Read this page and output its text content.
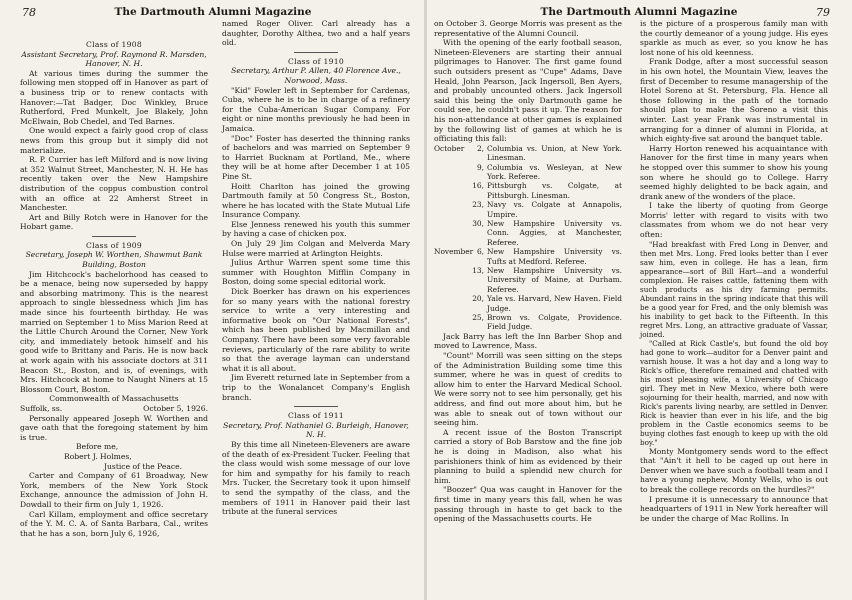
78	The Dartmouth Alumni Magazine

Class of 1908

Assistant Secretary, Prof. Raymond R. Marsden, Hanover, N. H.

At various times during the summer the following men stopped off in Hanover as part of a business trip or to renew contacts with Hanover:—Tat Badger, Doc Winkley, Bruce Rutherford, Fred Munkelt, Joe Blakely, John McElwain, Bob Chedel, and Ted Barnes.

One would expect a fairly good crop of class news from this group but it simply did not materialize.

R. P. Currier has left Milford and is now living at 352 Walnut Street, Manchester, N. H. He has recently taken over the New Hampshire distribution of the coppus combustion control with an office at 22 Amherst Street in Manchester.

Art and Billy Rotch were in Hanover for the Hobart game.

Class of 1909

Secretary, Joseph W. Worthen, Shawmut Bank Building, Boston

Jim Hitchcock's bachelorhood has ceased to be a menace, being now superseded by happy and absorbing matrimony. This is the nearest approach to single blessedness which Jim has made since his fourteenth birthday. He was married on September 1 to Miss Marion Reed at the Little Church Around the Corner, New York city, and immediately betook himself and his good wife to Brittany and Paris. He is now back at work again with his associate doctors at 311 Beacon St., Boston, and is, of evenings, with Mrs. Hitchcock at home to Naught Niners at 15 Blossom Court, Boston.

Commonwealth of Massachusetts

Suffolk, ss.	October 5, 1926.

Personally appeared Joseph W. Worthen and gave oath that the foregoing statement by him is true.

Before me,

Robert J. Holmes,

Justice of the Peace.

Carter and Company of 61 Broadway, New York, members of the New York Stock Exchange, announce the admission of John H. Dowdall to their firm on July 1, 1926.

Carl Killam, employment and office secretary of the Y. M. C. A. of Santa Barbara, Cal., writes that he has a son, born July 6, 1926,

named Roger Oliver. Carl already has a daughter, Dorothy Althea, two and a half years old.

Class of 1910

Secretary, Arthur P. Allen, 40 Florence Ave., Norwood, Mass.

"Kid" Fowler left in September for Cardenas, Cuba, where he is to be in charge of a refinery for the Cuba-American Sugar Company. For eight or nine months previously he had been in Jamaica.

"Doc" Foster has deserted the thinning ranks of bachelors and was married on September 9 to Harriet Bucknam at Portland, Me., where they will be at home after December 1 at 105 Pine St.

Hoitt Charlton has joined the growing Dartmouth family at 50 Congress St., Boston, where he has located with the State Mutual Life Insurance Company.

Else Jenness renewed his youth this summer by having a case of chicken pox.

On July 29 Jim Colgan and Melverda Mary Hulse were married at Arlington Heights.

Julius Arthur Warren spent some time this summer with Houghton Mifflin Company in Boston, doing some special editorial work.

Dick Boerker has drawn on his experiences for so many years with the national forestry service to write a very interesting and informative book on "Our National Forests", which has been published by Macmillan and Company. There have been some very favorable reviews, particularly of the rare ability to write so that the average layman can understand what it is all about.

Jim Everett returned late in September from a trip to the Wonalancet Company's English branch.

Class of 1911

Secretary, Prof. Nathaniel G. Burleigh, Hanover, N. H.

By this time all Nineteen-Eleveners are aware of the death of ex-President Tucker. Feeling that the class would wish some message of our love for him and sympathy for his family to reach Mrs. Tucker, the Secretary took it upon himself to send the sympathy of the class, and the members of 1911 in Hanover paid their last tribute at the funeral services

The Dartmouth Alumni Magazine	79

on October 3. George Morris was present as the representative of the Alumni Council.

With the opening of the early football season, Nineteen-Eleveners are starting their annual pilgrimages to Hanover. The first game found such outsiders present as "Cupe" Adams, Dave Heald, John Pearson, Jack Ingersoll, Ben Ayers, and probably uncounted others. Jack Ingersoll said this being the only Dartmouth game he could see, he couldn't pass it up. The reason for his non-attendance at other games is explained by the following list of games at which he is officiating this fall:

October	2, Columbia vs. Union, at New York. Linesman.
9, Columbia vs. Wesleyan, at New York. Referee.
16, Pittsburgh vs. Colgate, at Pittsburgh. Linesman.
23, Navy vs. Colgate at Annapolis, Umpire.
30, New Hampshire University vs. Conn. Aggies, at Manchester, Referee.
November 6, New Hampshire University vs. Tufts at Medford. Referee.
13, New Hampshire University vs. University of Maine, at Durham. Referee.
20, Yale vs. Harvard, New Haven. Field Judge.
25, Brown vs. Colgate, Providence. Field Judge.

Jack Barry has left the Inn Barber Shop and moved to Lawrence, Mass.

"Count" Morrill was seen sitting on the steps of the Administration Building some time this summer, where he was in quest of credits to allow him to enter the Harvard Medical School. We were sorry not to see him personally, get his address, and find out more about him, but he was able to sneak out of town without our seeing him.

A recent issue of the Boston Transcript carried a story of Bob Barstow and the fine job he is doing in Madison, also what his parishioners think of him as evidenced by their planning to build a splendid new church for him.

"Boozer" Qua was caught in Hanover for the first time in many years this fall, when he was passing through in haste to get back to the opening of the Massachusetts courts. He

is the picture of a prosperous family man with the courtly demeanor of a young judge. His eyes sparkle as much as ever, so you know he has lost none of his old keenness.

Frank Dodge, after a most successful season in his own hotel, the Mountain View, leaves the first of December to resume managership of the Hotel Soreno at St. Petersburg, Fla. Hence all those following in the path of the tornado should plan to make the Soreno a visit this winter. Last year Frank was instrumental in arranging for a dinner of alumni in Florida, at which eighty-five sat around the banquet table.

Harry Horton renewed his acquaintance with Hanover for the first time in many years when he stopped over this summer to show his young son where he should go to College. Harry seemed highly delighted to be back again, and drank anew of the wonders of the place.

I take the liberty of quoting from George Morris' letter with regard to visits with two classmates from whom we do not hear very often:

"Had breakfast with Fred Long in Denver, and then met Mrs. Long. Fred looks better than I ever saw him, even in college. He has a lean, firm appearance—sort of Bill Hart—and a wonderful complexion. He raises cattle, fattening them with such products as his dry farming permits. Abundant rains in the spring indicate that this will be a good year for Fred, and the only blemish was his inability to get back to the Fifteenth. In this regret Mrs. Long, an attractive graduate of Vassar, joined.

"Called at Rick Castle's, but found the old boy had gone to work—auditor for a Denver paint and varnish house. It was a hot day and a long way to Rick's office, therefore remained and chatted with his most pleasing wife, a University of Chicago girl. They met in New Mexico, where both were sojourning for their health, married, and now with Rick's parents living nearby, are settled in Denver. Rick is heavier than ever in his life, and the big problem in the Castle economics seems to be buying clothes fast enough to keep up with the old boy."

Monty Montgomery sends word to the effect that "Ain't it hell to be caged up out here in Denver when we have such a football team and I have a young nephew, Monty Wells, who is out to break the college records on the hurdles?"

I presume it is unnecessary to announce that headquarters of 1911 in New York hereafter will be under the charge of Mac Rollins. In
